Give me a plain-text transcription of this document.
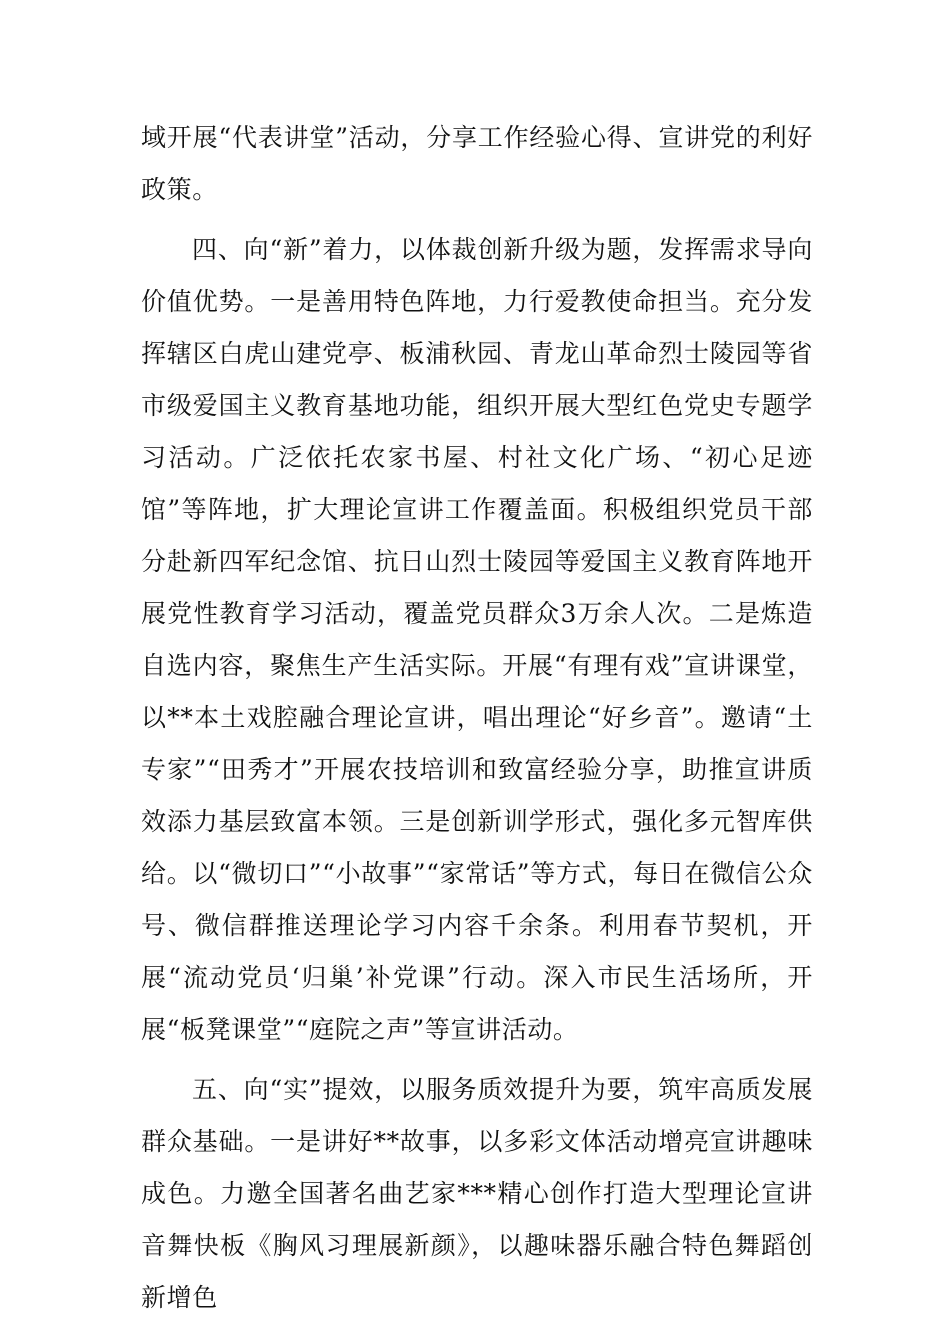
域开展“代表讲堂”活动，分享工作经验心得、宣讲党的利好政策。

四、向“新”着力，以体裁创新升级为题，发挥需求导向价值优势。一是善用特色阵地，力行爱教使命担当。充分发挥辖区白虎山建党亭、板浦秋园、青龙山革命烈士陵园等省市级爱国主义教育基地功能，组织开展大型红色党史专题学习活动。广泛依托农家书屋、村社文化广场、“初心足迹馆”等阵地，扩大理论宣讲工作覆盖面。积极组织党员干部分赴新四军纪念馆、抗日山烈士陵园等爱国主义教育阵地开展党性教育学习活动，覆盖党员群众3万余人次。二是炼造自选内容，聚焦生产生活实际。开展“有理有戏”宣讲课堂，以**本土戏腔融合理论宣讲，唱出理论“好乡音”。邀请“土专家”“田秀才”开展农技培训和致富经验分享，助推宣讲质效添力基层致富本领。三是创新训学形式，强化多元智库供给。以“微切口”“小故事”“家常话”等方式，每日在微信公众号、微信群推送理论学习内容千余条。利用春节契机，开展“流动党员‘归巢’补党课”行动。深入市民生活场所，开展“板凳课堂”“庭院之声”等宣讲活动。

五、向“实”提效，以服务质效提升为要，筑牢高质发展群众基础。一是讲好**故事，以多彩文体活动增亮宣讲趣味成色。力邀全国著名曲艺家***精心创作打造大型理论宣讲音舞快板《胸风习理展新颜》，以趣味器乐融合特色舞蹈创新增色
